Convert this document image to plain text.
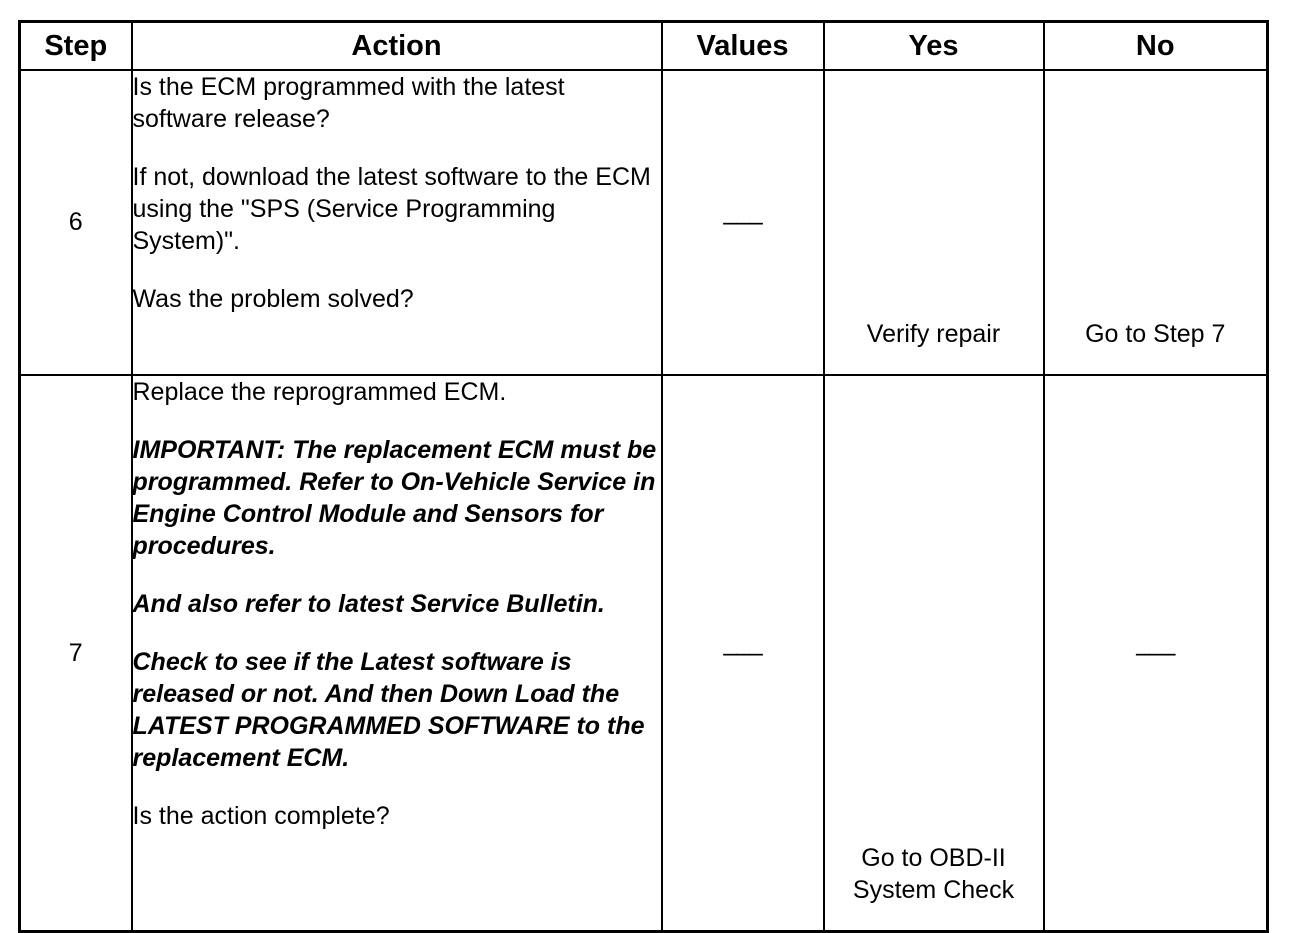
Step	Action	Values	Yes	No
6	Is the ECM programmed with the latest software release?

If not, download the latest software to the ECM using the "SPS (Service Programming System)".

Was the problem solved?	–––	Verify repair	Go to Step 7
7	Replace the reprogrammed ECM.

IMPORTANT: The replacement ECM must be programmed. Refer to On-Vehicle Service in Engine Control Module and Sensors for procedures.

And also refer to latest Service Bulletin.

Check to see if the Latest software is released or not. And then Down Load the LATEST PROGRAMMED SOFTWARE to the replacement ECM.

Is the action complete?	–––	Go to OBD-II System Check	–––
